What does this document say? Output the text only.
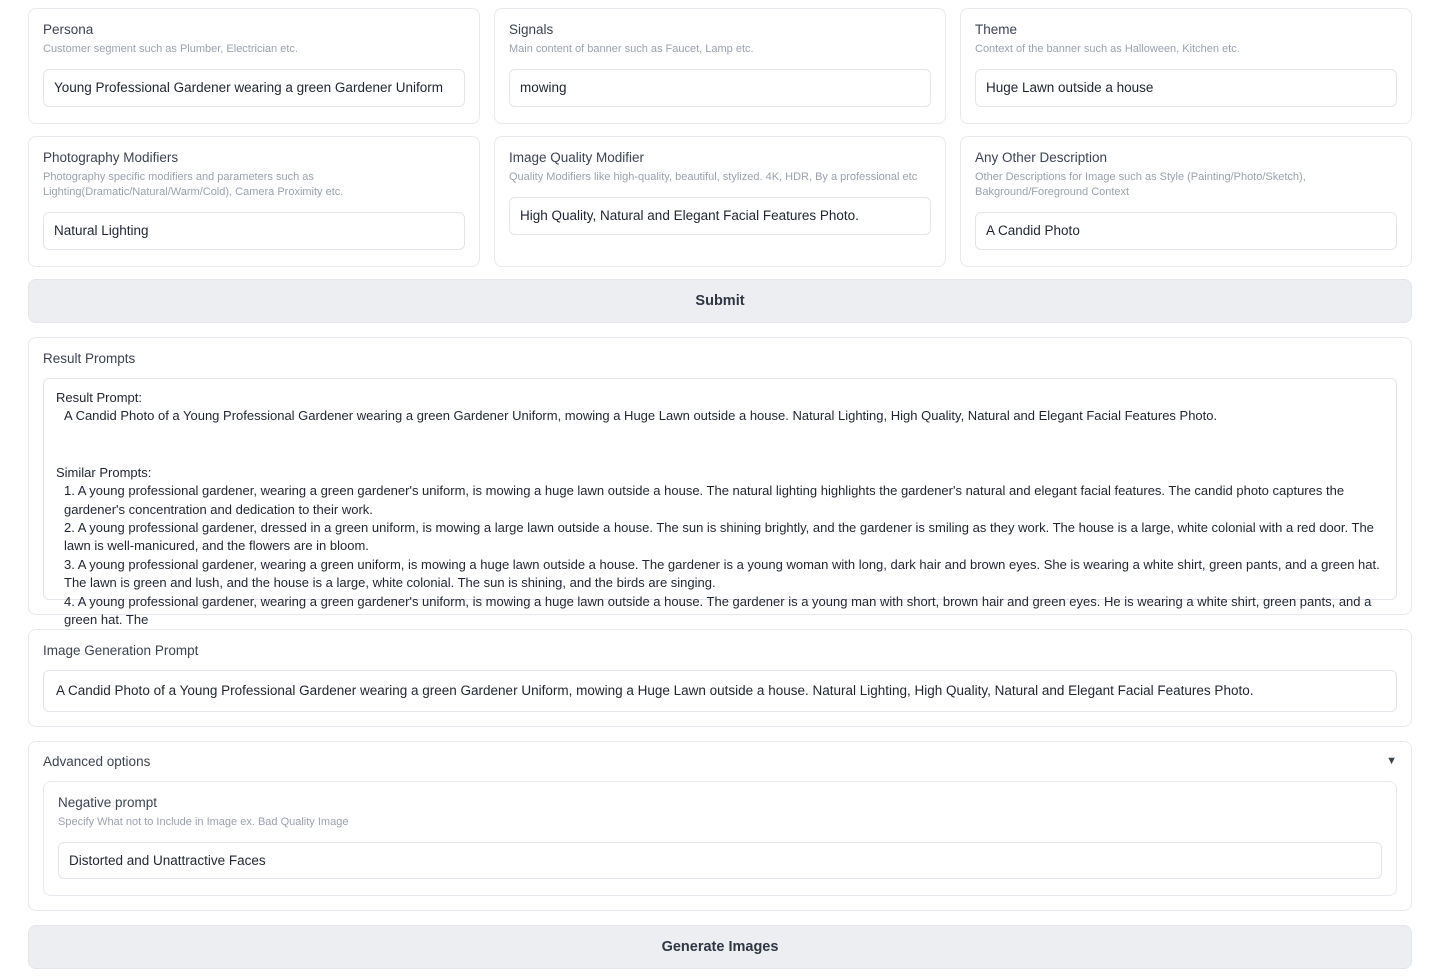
Persona
Customer segment such as Plumber, Electrician etc.
Young Professional Gardener wearing a green Gardener Uniform
Signals
Main content of banner such as Faucet, Lamp etc.
mowing
Theme
Context of the banner such as Halloween, Kitchen etc.
Huge Lawn outside a house
Photography Modifiers
Photography specific modifiers and parameters such as Lighting(Dramatic/Natural/Warm/Cold), Camera Proximity etc.
Natural Lighting
Image Quality Modifier
Quality Modifiers like high-quality, beautiful, stylized. 4K, HDR, By a professional etc
High Quality, Natural and Elegant Facial Features Photo.
Any Other Description
Other Descriptions for Image such as Style (Painting/Photo/Sketch), Bakground/Foreground Context
A Candid Photo
Submit
Result Prompts

Result Prompt:

A Candid Photo of a Young Professional Gardener wearing a green Gardener Uniform, mowing a Huge Lawn outside a house. Natural Lighting, High Quality, Natural and Elegant Facial Features Photo.

Similar Prompts:

1. A young professional gardener, wearing a green gardener's uniform, is mowing a huge lawn outside a house. The natural lighting highlights the gardener's natural and elegant facial features. The candid photo captures the gardener's concentration and dedication to their work.

2. A young professional gardener, dressed in a green uniform, is mowing a large lawn outside a house. The sun is shining brightly, and the gardener is smiling as they work. The house is a large, white colonial with a red door. The lawn is well-manicured, and the flowers are in bloom.

3. A young professional gardener, wearing a green uniform, is mowing a huge lawn outside a house. The gardener is a young woman with long, dark hair and brown eyes. She is wearing a white shirt, green pants, and a green hat. The lawn is green and lush, and the house is a large, white colonial. The sun is shining, and the birds are singing.

4. A young professional gardener, wearing a green gardener's uniform, is mowing a huge lawn outside a house. The gardener is a young man with short, brown hair and green eyes. He is wearing a white shirt, green pants, and a green hat. The

Image Generation Prompt
A Candid Photo of a Young Professional Gardener wearing a green Gardener Uniform, mowing a Huge Lawn outside a house. Natural Lighting, High Quality, Natural and Elegant Facial Features Photo.
Advanced options	▼
Negative prompt
Specify What not to Include in Image ex. Bad Quality Image
Distorted and Unattractive Faces
Generate Images
